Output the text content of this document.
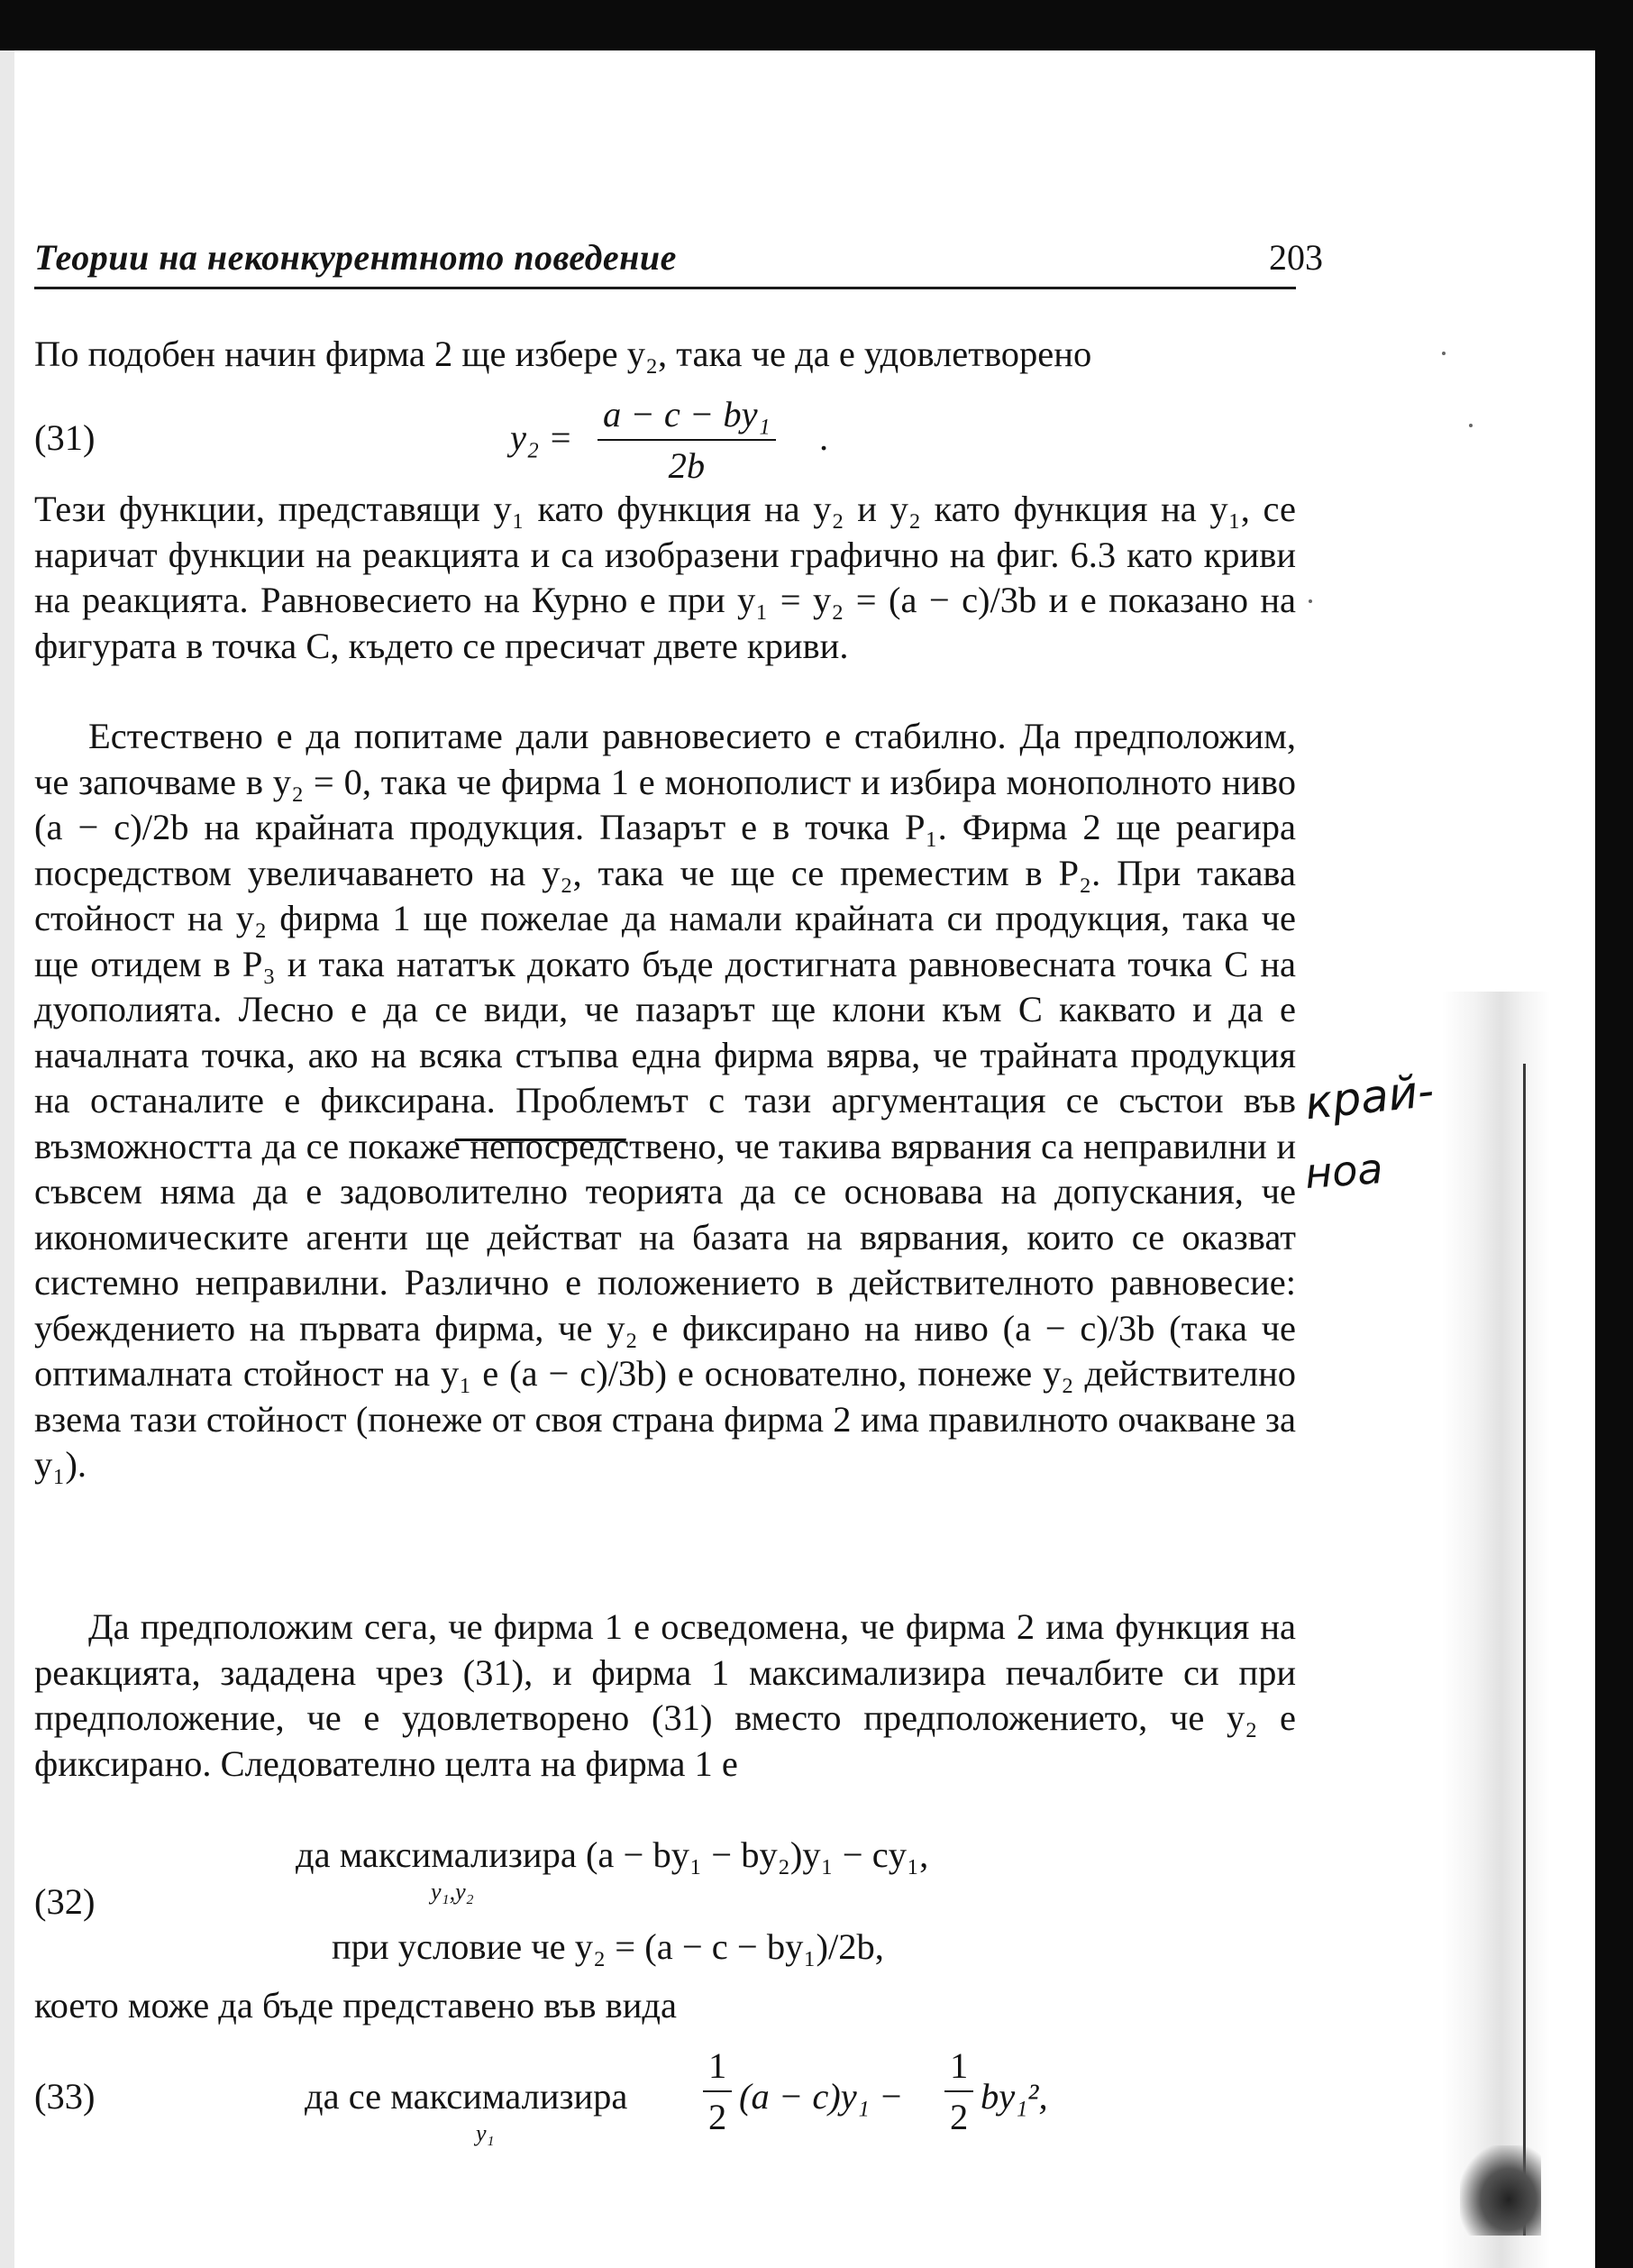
Теории на неконкурентното поведение	203

По подобен начин фирма 2 ще избере y₂, така че да е удовлетворено

(31)	$y_2 = \frac{\text{a − c − by₁}}{2b}$ .

Тези функции, представящи y₁ като функция на y₂ и y₂ като функция на y₁, се наричат функции на реакцията и са изобразени графично на фиг. 6.3 като криви на реакцията. Равновесието на Курно е при y₁ = y₂ = (a − c)/3b и е показано на фигурата в точка C, където се пресичат двете криви.

Естествено е да попитаме дали равновесието е стабилно. Да предположим, че започваме в y₂ = 0, така че фирма 1 е монополист и избира монополното ниво (a − c)/2b на крайната продукция. Пазарът е в точка P₁. Фирма 2 ще реагира посредством увеличаването на y₂, така че ще се преместим в P₂. При такава стойност на y₂ фирма 1 ще пожелае да намали крайната си продукция, така че ще отидем в P₃ и така нататък докато бъде достигната равновесната точка C на дуополията. Лесно е да се види, че пазарът ще клони към C каквато и да е началната точка, ако на всяка стъпва една фирма вярва, че трайната продукция на останалите е фиксирана. Проблемът с тази аргументация се състои във възможността да се покаже непосредствено, че такива вярвания са неправилни и съвсем няма да е задоволително теорията да се основава на допускания, че икономическите агенти ще действат на базата на вярвания, които се оказват системно неправилни. Различно е положението в действителното равновесие: убеждението на първата фирма, че y₂ е фиксирано на ниво (a − c)/3b (така че оптималната стойност на y₁ е (a − c)/3b) е основателно, понеже y₂ действително взема тази стойност (понеже от своя страна фирма 2 има правилното очакване за y₁).

Да предположим сега, че фирма 1 е осведомена, че фирма 2 има функция на реакцията, зададена чрез (31), и фирма 1 максимализира печалбите си при предположение, че е удовлетворено (31) вместо предположението, че y₂ е фиксирано. Следователно целта на фирма 1 е

(32)
да максимализира (a − by₁ − by₂)y₁ − cy₁,
y₁,y₂
при условие че y₂ = (a − c − by₁)/2b,

което може да бъде представено във вида

(33)	да се максимализира
y₁	$\frac{1}{2} (a - c)y_1 - \frac{1}{2} by_1^2$,
край-
ноа
